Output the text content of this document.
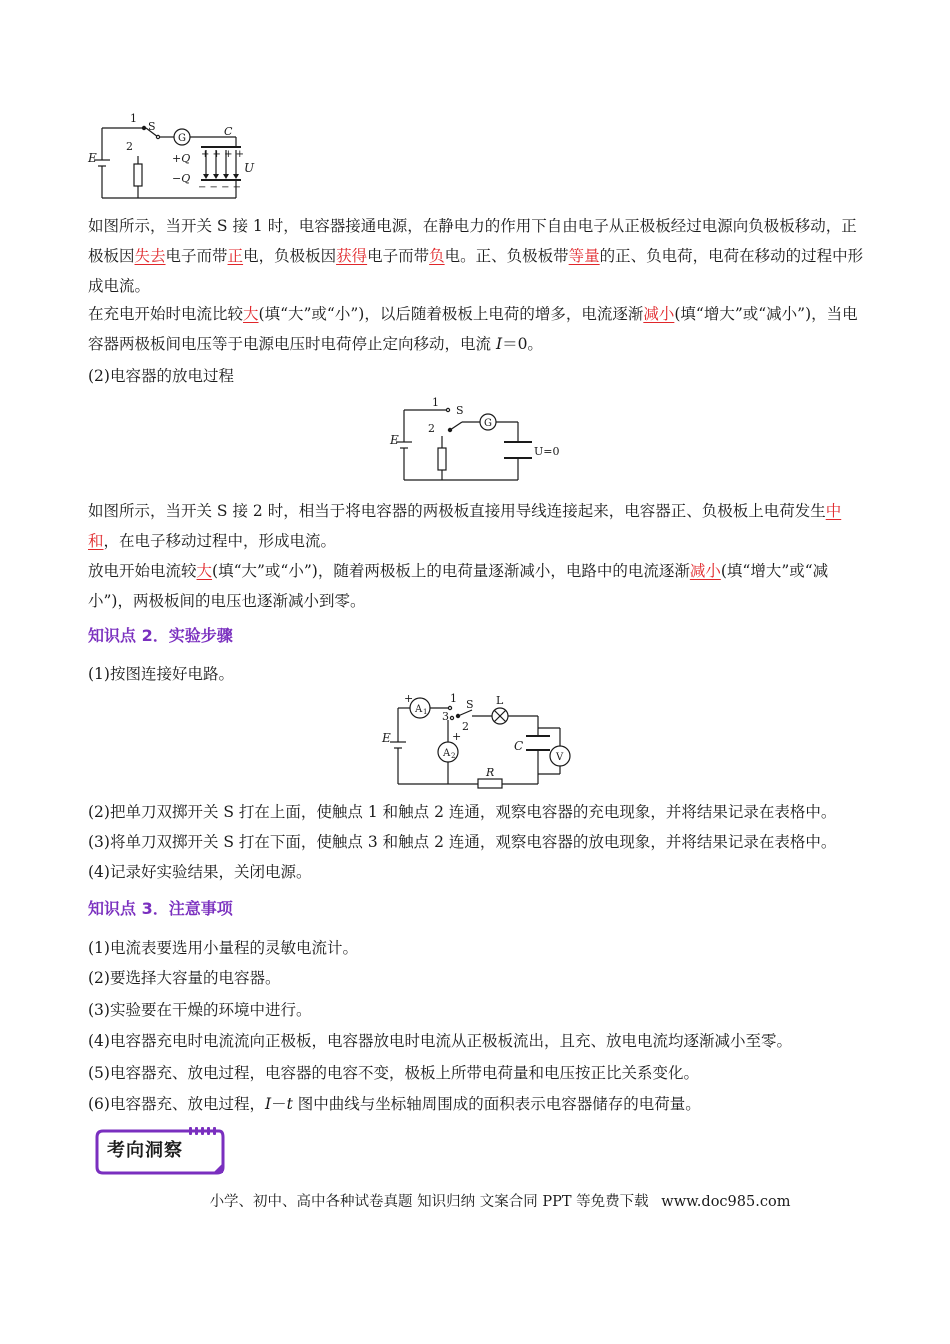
1
S
G
C
2
E	+Q
−Q
+ + + +
− − − −
U

如图所示，当开关 S 接 1 时，电容器接通电源，在静电力的作用下自由电子从正极板经过电源向负极板移动，正极板因失去电子而带正电，负极板因获得电子而带负电。正、负极板带等量的正、负电荷，电荷在移动的过程中形成电流。

在充电开始时电流比较大(填“大”或“小”)，以后随着极板上电荷的增多，电流逐渐减小(填“增大”或“减小”)，当电容器两极板间电压等于电源电压时电荷停止定向移动，电流 I＝0。

(2)电容器的放电过程

1
S
G
2
E
U=0

如图所示，当开关 S 接 2 时，相当于将电容器的两极板直接用导线连接起来，电容器正、负极板上电荷发生中和，在电子移动过程中，形成电流。

放电开始电流较大(填“大”或“小”)，随着两极板上的电荷量逐渐减小，电路中的电流逐渐减小(填“增大”或“减小”)，两极板间的电压也逐渐减小到零。

知识点 2．实验步骤

(1)按图连接好电路。

+
A 1
1
3
2
S L
+
A 2
E
C
V
R

(2)把单刀双掷开关 S 打在上面，使触点 1 和触点 2 连通，观察电容器的充电现象，并将结果记录在表格中。

(3)将单刀双掷开关 S 打在下面，使触点 3 和触点 2 连通，观察电容器的放电现象，并将结果记录在表格中。

(4)记录好实验结果，关闭电源。

知识点 3．注意事项

(1)电流表要选用小量程的灵敏电流计。

(2)要选择大容量的电容器。

(3)实验要在干燥的环境中进行。

(4)电容器充电时电流流向正极板，电容器放电时电流从正极板流出，且充、放电电流均逐渐减小至零。

(5)电容器充、放电过程，电容器的电容不变，极板上所带电荷量和电压按正比关系变化。

(6)电容器充、放电过程，I－t 图中曲线与坐标轴周围成的面积表示电容器储存的电荷量。

考向洞察
小学、初中、高中各种试卷真题 知识归纳 文案合同 PPT 等免费下载 www.doc985.com
